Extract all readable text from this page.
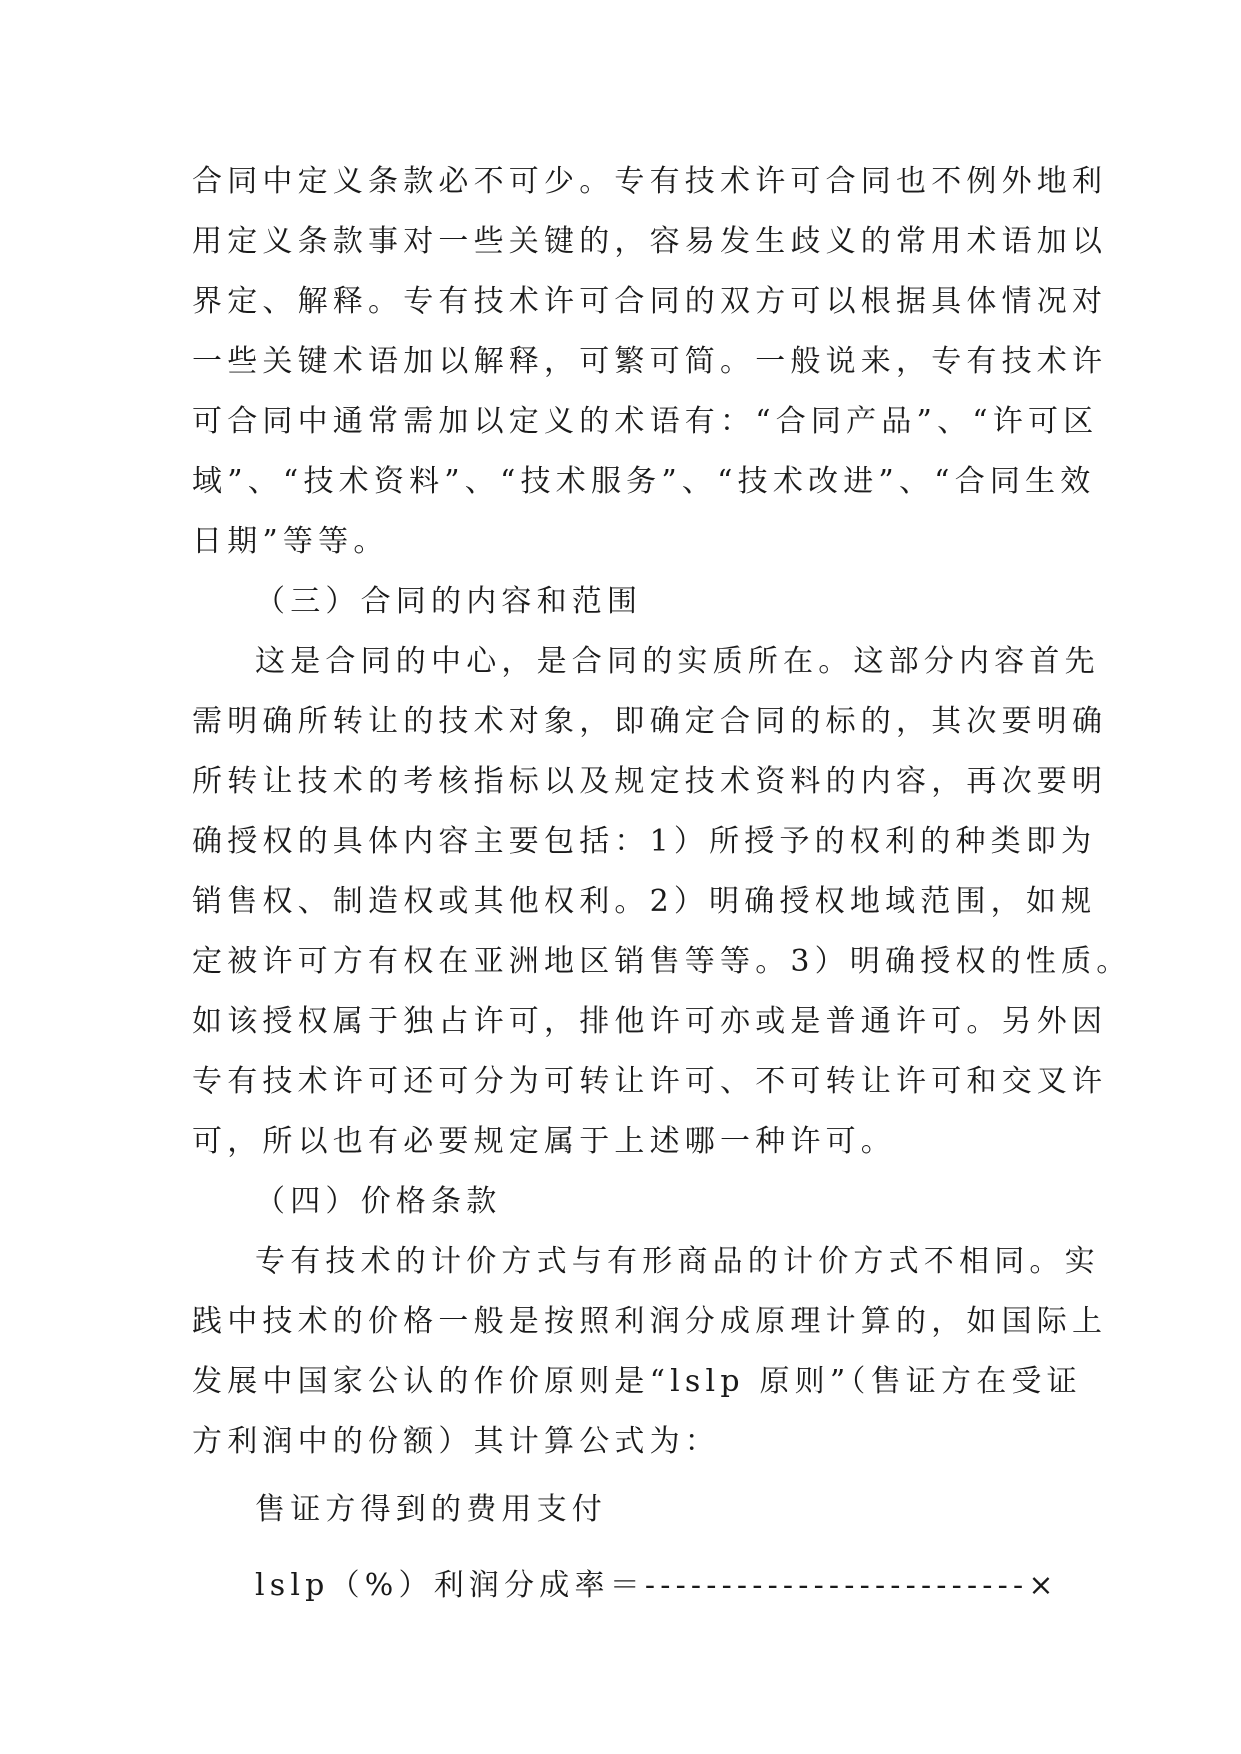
合同中定义条款必不可少。专有技术许可合同也不例外地利
用定义条款事对一些关键的，容易发生歧义的常用术语加以
界定、解释。专有技术许可合同的双方可以根据具体情况对
一些关键术语加以解释，可繁可简。一般说来，专有技术许
可合同中通常需加以定义的术语有：“合同产品”、“许可区
域”、“技术资料”、“技术服务”、“技术改进”、“合同生效
日期”等等。
（三）合同的内容和范围
这是合同的中心，是合同的实质所在。这部分内容首先
需明确所转让的技术对象，即确定合同的标的，其次要明确
所转让技术的考核指标以及规定技术资料的内容，再次要明
确授权的具体内容主要包括：1）所授予的权利的种类即为
销售权、制造权或其他权利。2）明确授权地域范围，如规
定被许可方有权在亚洲地区销售等等。3）明确授权的性质。
如该授权属于独占许可，排他许可亦或是普通许可。另外因
专有技术许可还可分为可转让许可、不可转让许可和交叉许
可，所以也有必要规定属于上述哪一种许可。
（四）价格条款
专有技术的计价方式与有形商品的计价方式不相同。实
践中技术的价格一般是按照利润分成原理计算的，如国际上
发展中国家公认的作价原则是“lslp 原则”（售证方在受证
方利润中的份额）其计算公式为：
售证方得到的费用支付
lslp（%）利润分成率＝-------------------------×
